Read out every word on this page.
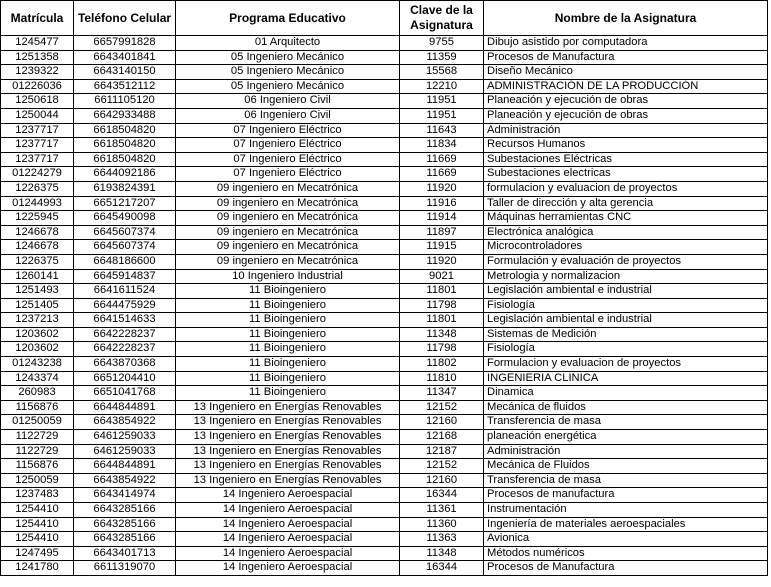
Matrícula	Teléfono Celular	Programa Educativo	Clave de la Asignatura	Nombre de la Asignatura
1245477	6657991828	01 Arquitecto	9755	Dibujo asistido por computadora
1251358	6643401841	05 Ingeniero Mecánico	11359	Procesos de Manufactura
1239322	6643140150	05 Ingeniero Mecánico	15568	Diseño Mecánico
01226036	6643512112	05 Ingeniero Mecánico	12210	ADMINISTRACIÓN DE LA PRODUCCIÓN
1250618	6611105120	06 Ingeniero Civil	11951	Planeación y ejecución de obras
1250044	6642933488	06 Ingeniero Civil	11951	Planeación y ejecución de obras
1237717	6618504820	07 Ingeniero Eléctrico	11643	Administración
1237717	6618504820	07 Ingeniero Eléctrico	11834	Recursos Humanos
1237717	6618504820	07 Ingeniero Eléctrico	11669	Subestaciones Eléctricas
01224279	6644092186	07 Ingeniero Eléctrico	11669	Subestaciones electricas
1226375	6193824391	09 ingeniero en Mecatrónica	11920	formulacion y evaluacion de proyectos
01244993	6651217207	09 ingeniero en Mecatrónica	11916	Taller de dirección y alta gerencia
1225945	6645490098	09 ingeniero en Mecatrónica	11914	Máquinas herramientas CNC
1246678	6645607374	09 ingeniero en Mecatrónica	11897	Electrónica analógica
1246678	6645607374	09 ingeniero en Mecatrónica	11915	Microcontroladores
1226375	6648186600	09 ingeniero en Mecatrónica	11920	Formulación y evaluación de proyectos
1260141	6645914837	10 Ingeniero Industrial	9021	Metrologia y normalizacion
1251493	6641611524	11 Bioingeniero	11801	Legislación ambiental e industrial
1251405	6644475929	11 Bioingeniero	11798	Fisiología
1237213	6641514633	11 Bioingeniero	11801	Legislación ambiental e industrial
1203602	6642228237	11 Bioingeniero	11348	Sistemas de Medición
1203602	6642228237	11 Bioingeniero	11798	Fisiología
01243238	6643870368	11 Bioingeniero	11802	Formulacion y evaluacion de proyectos
1243374	6651204410	11 Bioingeniero	11810	INGENIERIA CLINICA
260983	6651041768	11 Bioingeniero	11347	Dinamica
1156876	6644844891	13 Ingeniero en Energías Renovables	12152	Mecánica de fluidos
01250059	6643854922	13 Ingeniero en Energías Renovables	12160	Transferencia de masa
1122729	6461259033	13 Ingeniero en Energías Renovables	12168	planeación energética
1122729	6461259033	13 Ingeniero en Energías Renovables	12187	Administración
1156876	6644844891	13 Ingeniero en Energías Renovables	12152	Mecánica de Fluidos
1250059	6643854922	13 Ingeniero en Energías Renovables	12160	Transferencia de masa
1237483	6643414974	14 Ingeniero Aeroespacial	16344	Procesos de manufactura
1254410	6643285166	14 Ingeniero Aeroespacial	11361	Instrumentación
1254410	6643285166	14 Ingeniero Aeroespacial	11360	Ingeniería de materiales aeroespaciales
1254410	6643285166	14 Ingeniero Aeroespacial	11363	Avionica
1247495	6643401713	14 Ingeniero Aeroespacial	11348	Métodos numéricos
1241780	6611319070	14 Ingeniero Aeroespacial	16344	Procesos de Manufactura
